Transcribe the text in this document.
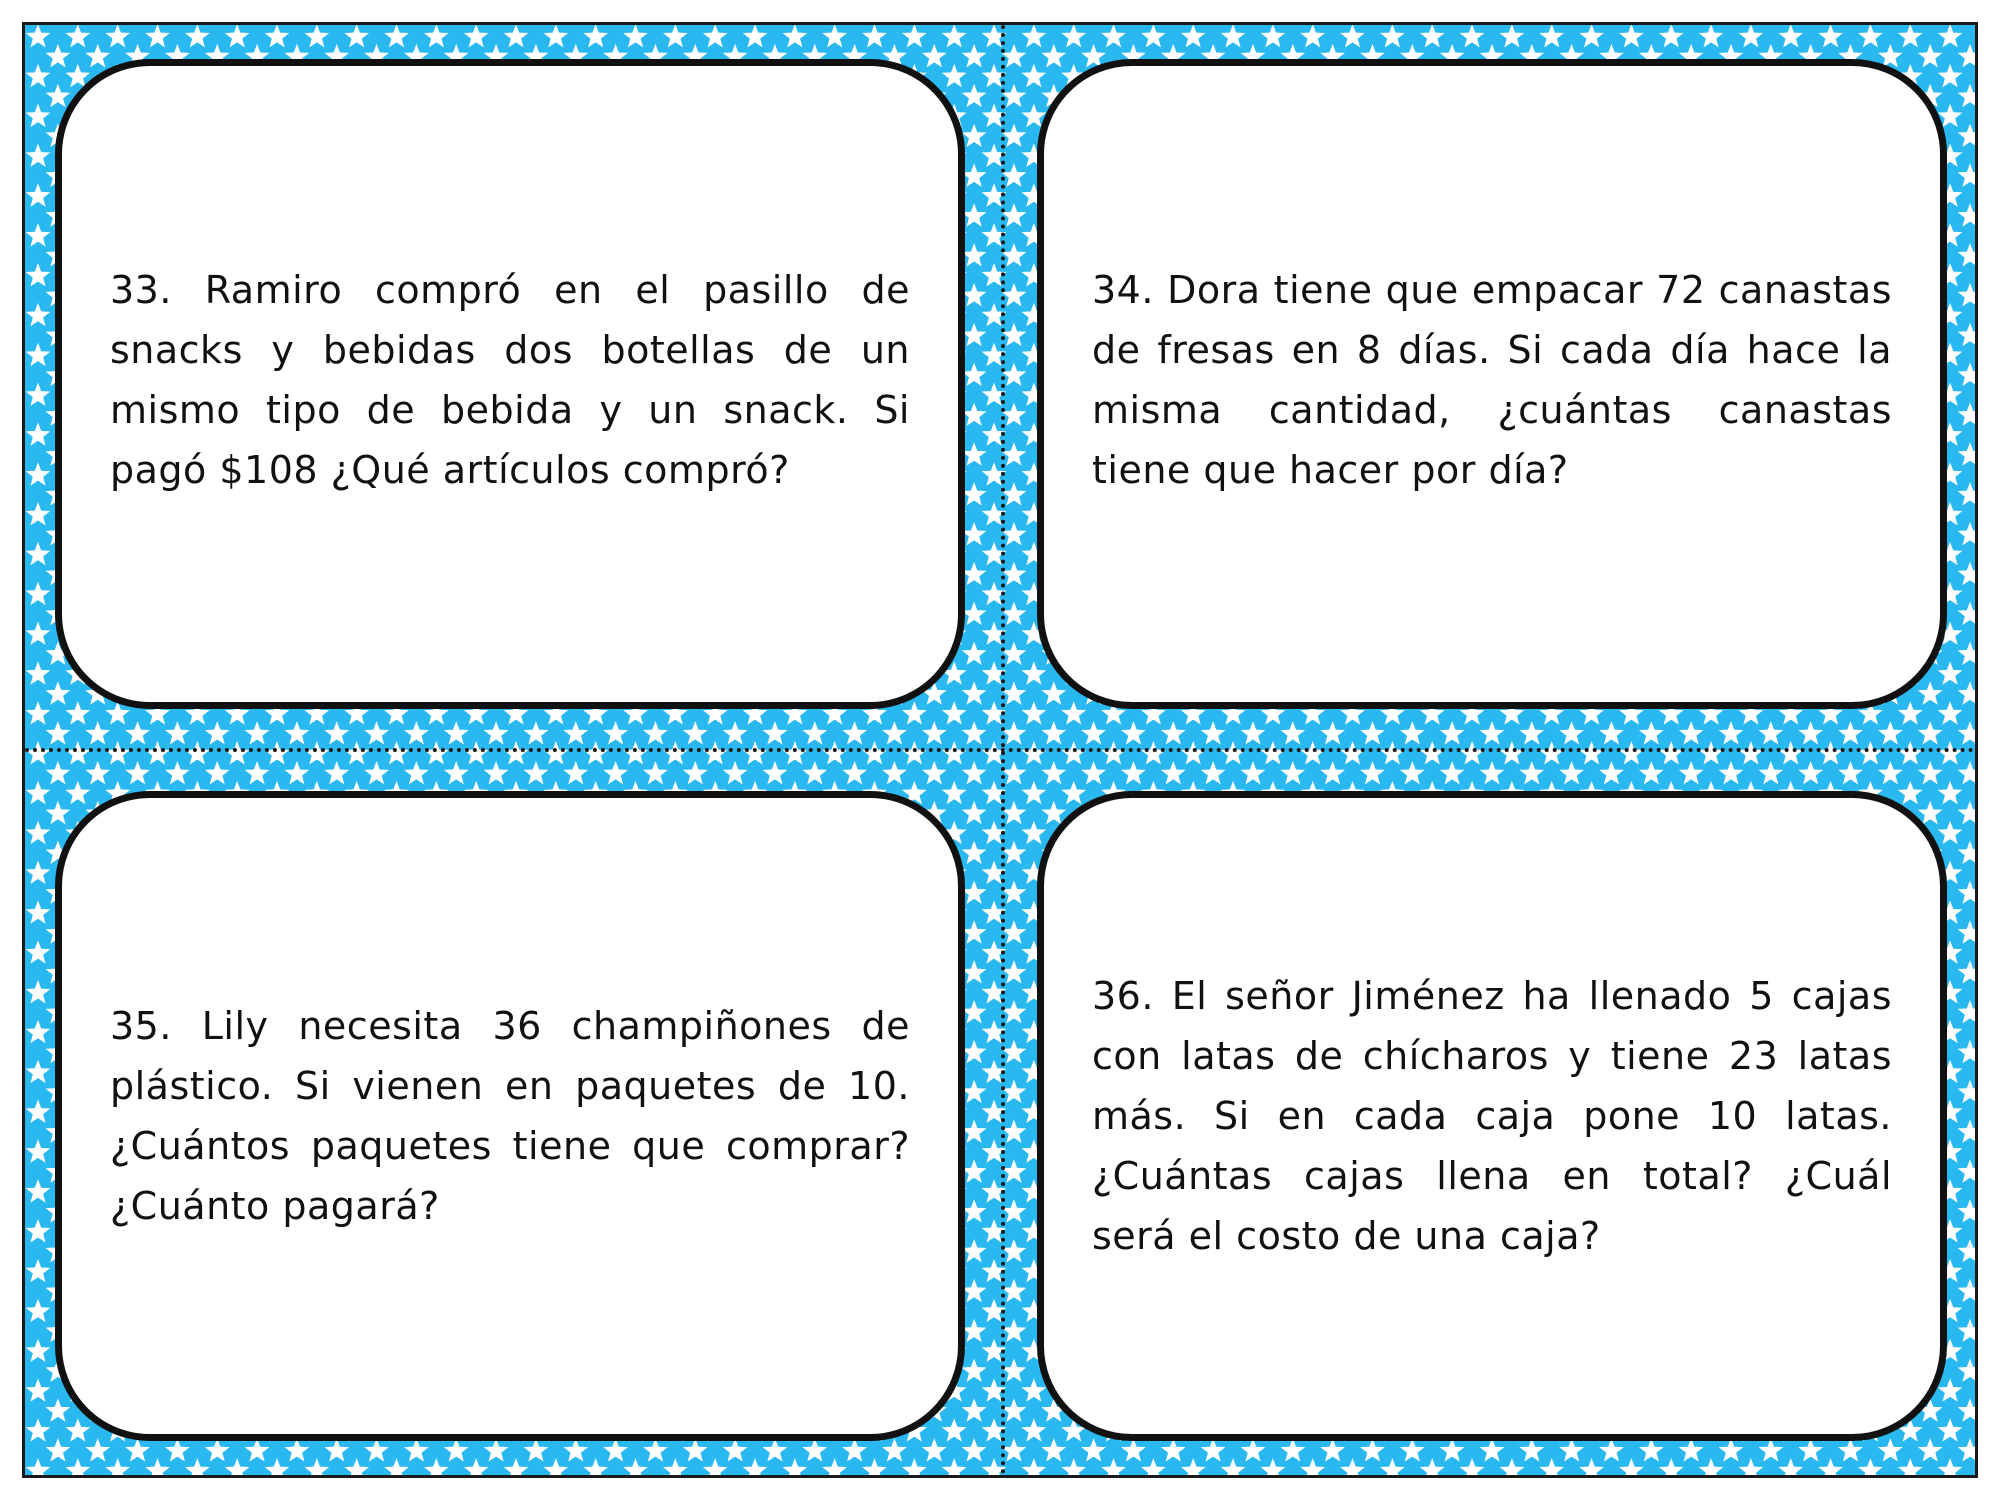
33. Ramiro compró en el pasillo de snacks y bebidas dos botellas de un mismo tipo de bebida y un snack. Si pagó $108 ¿Qué artículos compró?
34. Dora tiene que empacar 72 canastas de fresas en 8 días. Si cada día hace la misma cantidad, ¿cuántas canastas tiene que hacer por día?
35. Lily necesita 36 champiñones de plástico. Si vienen en paquetes de 10. ¿Cuántos paquetes tiene que comprar? ¿Cuánto pagará?
36. El señor Jiménez ha llenado 5 cajas con latas de chícharos y tiene 23 latas más. Si en cada caja pone 10 latas. ¿Cuántas cajas llena en total? ¿Cuál será el costo de una caja?
